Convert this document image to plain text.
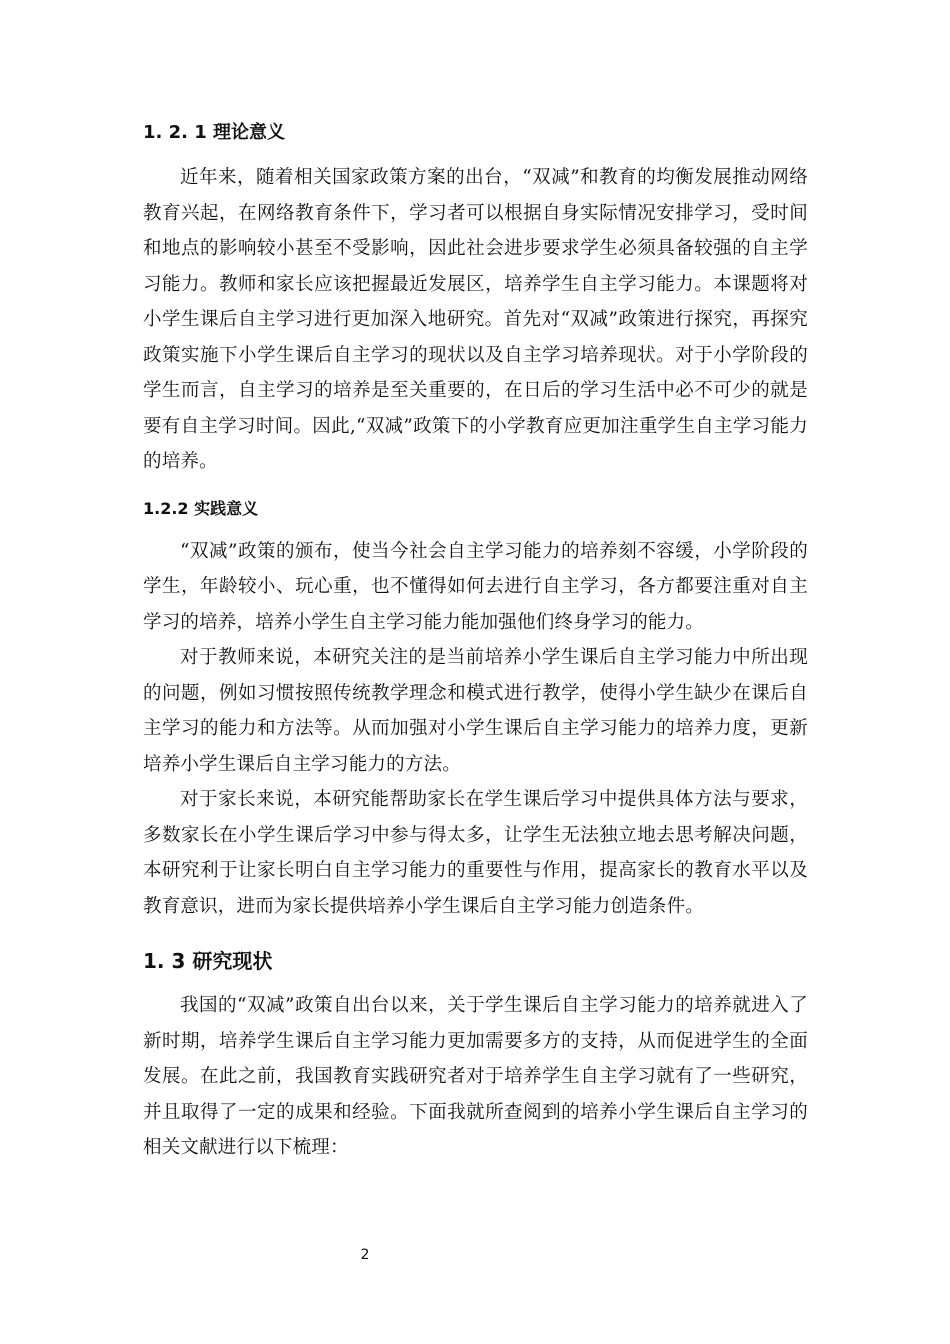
1. 2. 1 理论意义

近年来，随着相关国家政策方案的出台，“双减”和教育的均衡发展推动网络教育兴起，在网络教育条件下，学习者可以根据自身实际情况安排学习，受时间和地点的影响较小甚至不受影响，因此社会进步要求学生必须具备较强的自主学习能力。教师和家长应该把握最近发展区，培养学生自主学习能力。本课题将对小学生课后自主学习进行更加深入地研究。首先对“双减”政策进行探究，再探究政策实施下小学生课后自主学习的现状以及自主学习培养现状。对于小学阶段的学生而言，自主学习的培养是至关重要的，在日后的学习生活中必不可少的就是要有自主学习时间。因此,“双减”政策下的小学教育应更加注重学生自主学习能力的培养。

1.2.2 实践意义

“双减”政策的颁布，使当今社会自主学习能力的培养刻不容缓，小学阶段的学生，年龄较小、玩心重，也不懂得如何去进行自主学习，各方都要注重对自主学习的培养，培养小学生自主学习能力能加强他们终身学习的能力。

对于教师来说，本研究关注的是当前培养小学生课后自主学习能力中所出现的问题，例如习惯按照传统教学理念和模式进行教学，使得小学生缺少在课后自主学习的能力和方法等。从而加强对小学生课后自主学习能力的培养力度，更新培养小学生课后自主学习能力的方法。

对于家长来说，本研究能帮助家长在学生课后学习中提供具体方法与要求，多数家长在小学生课后学习中参与得太多，让学生无法独立地去思考解决问题，本研究利于让家长明白自主学习能力的重要性与作用，提高家长的教育水平以及教育意识，进而为家长提供培养小学生课后自主学习能力创造条件。

1. 3 研究现状

我国的“双减”政策自出台以来，关于学生课后自主学习能力的培养就进入了新时期，培养学生课后自主学习能力更加需要多方的支持，从而促进学生的全面发展。在此之前，我国教育实践研究者对于培养学生自主学习就有了一些研究，并且取得了一定的成果和经验。下面我就所查阅到的培养小学生课后自主学习的相关文献进行以下梳理：

2
